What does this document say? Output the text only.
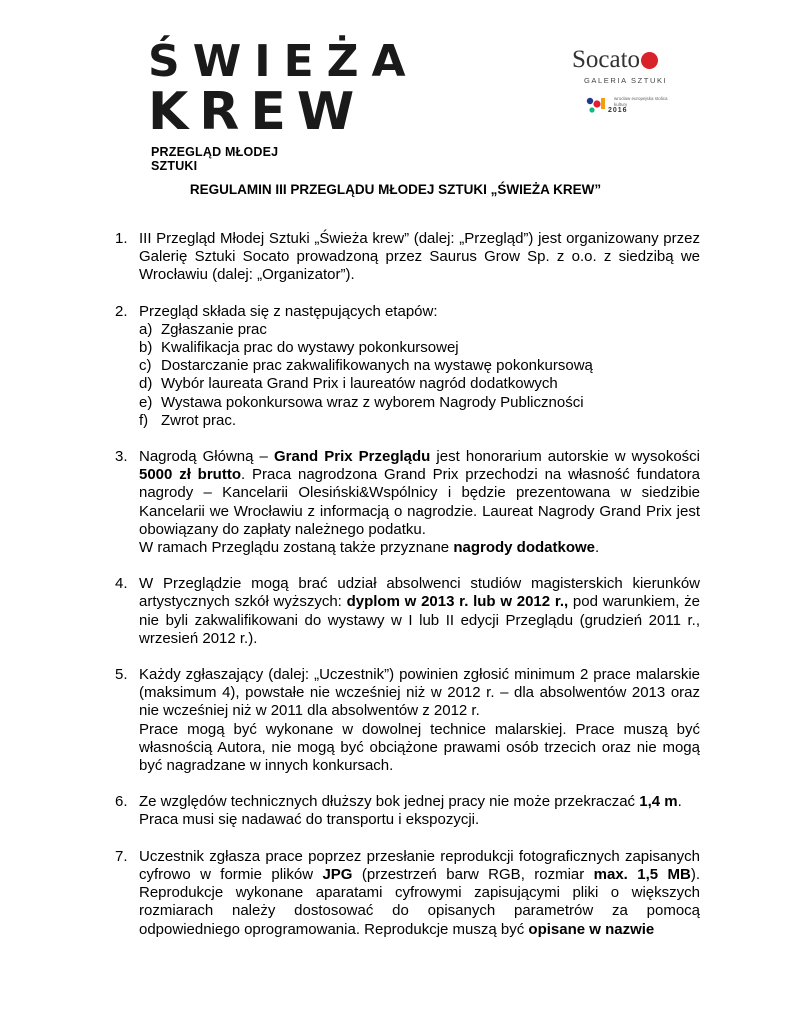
ŚWIEŻA
KREW
PRZEGLĄD MŁODEJ SZTUKI
Socato
GALERIA SZTUKI
wrocław europejska stolica kultury
2016
REGULAMIN III PRZEGLĄDU MŁODEJ SZTUKI „ŚWIEŻA KREW”
1. III Przegląd Młodej Sztuki „Świeża krew” (dalej: „Przegląd”) jest organizowany przez Galerię Sztuki Socato prowadzoną przez Saurus Grow Sp. z o.o. z siedzibą we Wrocławiu (dalej: „Organizator”).

2. Przegląd składa się z następujących etapów:

a) Zgłaszanie prac
b) Kwalifikacja prac do wystawy pokonkursowej
c) Dostarczanie prac zakwalifikowanych na wystawę pokonkursową
d) Wybór laureata Grand Prix i laureatów nagród dodatkowych
e) Wystawa pokonkursowa wraz z wyborem Nagrody Publiczności
f) Zwrot prac.
3. Nagrodą Główną – Grand Prix Przeglądu jest honorarium autorskie w wysokości 5000 zł brutto. Praca nagrodzona Grand Prix przechodzi na własność fundatora nagrody – Kancelarii Olesiński&Wspólnicy i będzie prezentowana w siedzibie Kancelarii we Wrocławiu z informacją o nagrodzie. Laureat Nagrody Grand Prix jest obowiązany do zapłaty należnego podatku.

W ramach Przeglądu zostaną także przyznane nagrody dodatkowe.

4. W Przeglądzie mogą brać udział absolwenci studiów magisterskich kierunków artystycznych szkół wyższych: dyplom w 2013 r. lub w 2012 r., pod warunkiem, że nie byli zakwalifikowani do wystawy w I lub II edycji Przeglądu (grudzień 2011 r., wrzesień 2012 r.).

5. Każdy zgłaszający (dalej: „Uczestnik”) powinien zgłosić minimum 2 prace malarskie (maksimum 4), powstałe nie wcześniej niż w 2012 r. – dla absolwentów 2013 oraz nie wcześniej niż w 2011 dla absolwentów z 2012 r.

Prace mogą być wykonane w dowolnej technice malarskiej. Prace muszą być własnością Autora, nie mogą być obciążone prawami osób trzecich oraz nie mogą być nagradzane w innych konkursach.

6. Ze względów technicznych dłuższy bok jednej pracy nie może przekraczać 1,4 m.

Praca musi się nadawać do transportu i ekspozycji.

7. Uczestnik zgłasza prace poprzez przesłanie reprodukcji fotograficznych zapisanych cyfrowo w formie plików JPG (przestrzeń barw RGB, rozmiar max. 1,5 MB). Reprodukcje wykonane aparatami cyfrowymi zapisującymi pliki o większych rozmiarach należy dostosować do opisanych parametrów za pomocą odpowiedniego oprogramowania. Reprodukcje muszą być opisane w nazwie
